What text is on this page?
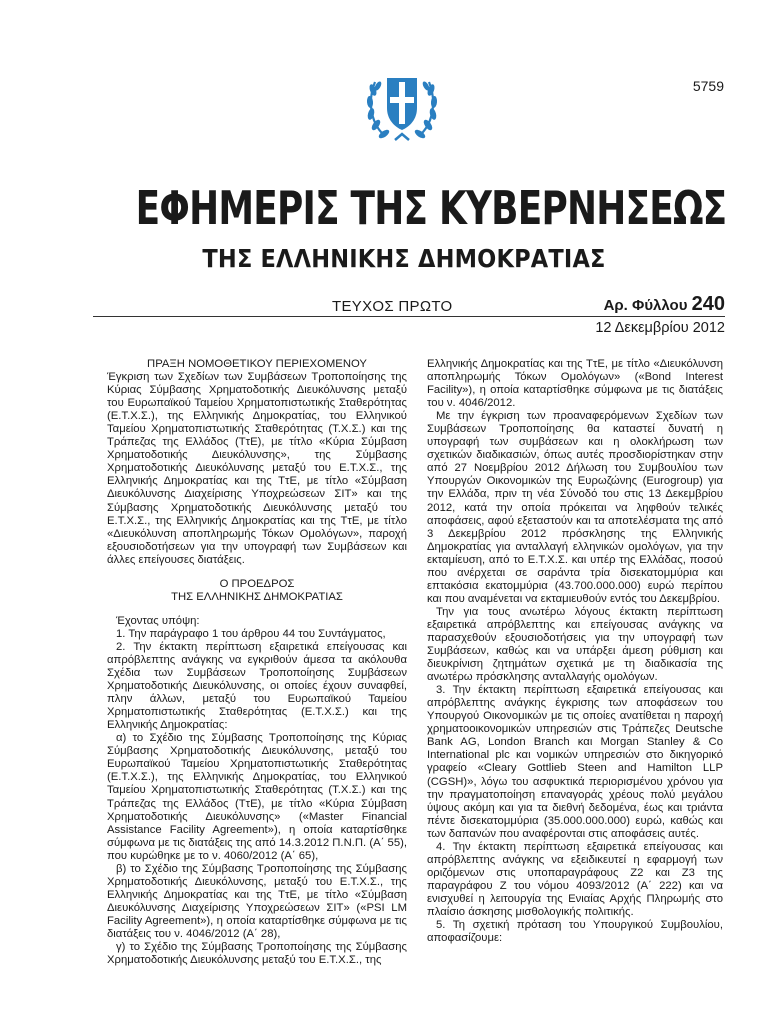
5759
ΕΦΗΜΕΡΙΣ ΤΗΣ ΚΥΒΕΡΝΗΣΕΩΣ
ΤΗΣ ΕΛΛΗΝΙΚΗΣ ΔΗΜΟΚΡΑΤΙΑΣ
ΤΕΥΧΟΣ ΠΡΩΤΟ	Αρ. Φύλλου 240
12 Δεκεμβρίου 2012

ΠΡΑΞΗ ΝΟΜΟΘΕΤΙΚΟΥ ΠΕΡΙΕΧΟΜΕΝΟΥ

Έγκριση των Σχεδίων των Συμβάσεων Τροποποίησης της Κύριας Σύμβασης Χρηματοδοτικής Διευκόλυνσης μεταξύ του Ευρωπαϊκού Ταμείου Χρηματοπιστωτικής Σταθερότητας (Ε.Τ.Χ.Σ.), της Ελληνικής Δημοκρατίας, του Ελληνικού Ταμείου Χρηματοπιστωτικής Σταθερότητας (Τ.Χ.Σ.) και της Τράπεζας της Ελλάδος (ΤτΕ), με τίτλο «Κύρια Σύμβαση Χρηματοδοτικής Διευκόλυνσης», της Σύμβασης Χρηματοδοτικής Διευκόλυνσης μεταξύ του Ε.Τ.Χ.Σ., της Ελληνικής Δημοκρατίας και της ΤτΕ, με τίτλο «Σύμβαση Διευκόλυνσης Διαχείρισης Υποχρεώσεων ΣΙΤ» και της Σύμβασης Χρηματοδοτικής Διευκόλυνσης μεταξύ του Ε.Τ.Χ.Σ., της Ελληνικής Δημοκρατίας και της ΤτΕ, με τίτλο «Διευκόλυνση αποπληρωμής Τόκων Ομολόγων», παροχή εξουσιοδοτήσεων για την υπογραφή των Συμβάσεων και άλλες επείγουσες διατάξεις.

Ο ΠΡΟΕΔΡΟΣ

ΤΗΣ ΕΛΛΗΝΙΚΗΣ ΔΗΜΟΚΡΑΤΙΑΣ

Έχοντας υπόψη:

1. Την παράγραφο 1 του άρθρου 44 του Συντάγματος,

2. Την έκτακτη περίπτωση εξαιρετικά επείγουσας και απρόβλεπτης ανάγκης να εγκριθούν άμεσα τα ακόλουθα Σχέδια των Συμβάσεων Τροποποίησης Συμβάσεων Χρηματοδοτικής Διευκόλυνσης, οι οποίες έχουν συναφθεί, πλην άλλων, μεταξύ του Ευρωπαϊκού Ταμείου Χρηματοπιστωτικής Σταθερότητας (Ε.Τ.Χ.Σ.) και της Ελληνικής Δημοκρατίας:

α) το Σχέδιο της Σύμβασης Τροποποίησης της Κύριας Σύμβασης Χρηματοδοτικής Διευκόλυνσης, μεταξύ του Ευρωπαϊκού Ταμείου Χρηματοπιστωτικής Σταθερότητας (Ε.Τ.Χ.Σ.), της Ελληνικής Δημοκρατίας, του Ελληνικού Ταμείου Χρηματοπιστωτικής Σταθερότητας (Τ.Χ.Σ.) και της Τράπεζας της Ελλάδος (ΤτΕ), με τίτλο «Κύρια Σύμβαση Χρηματοδοτικής Διευκόλυνσης» («Master Financial Assistance Facility Agreement»), η οποία καταρτίσθηκε σύμφωνα με τις διατάξεις της από 14.3.2012 Π.Ν.Π. (Α΄ 55), που κυρώθηκε με το ν. 4060/2012 (Α΄ 65),

β) το Σχέδιο της Σύμβασης Τροποποίησης της Σύμβασης Χρηματοδοτικής Διευκόλυνσης, μεταξύ του Ε.Τ.Χ.Σ., της Ελληνικής Δημοκρατίας και της ΤτΕ, με τίτλο «Σύμβαση Διευκόλυνσης Διαχείρισης Υποχρεώσεων ΣΙΤ» («PSI LM Facility Agreement»), η οποία καταρτίσθηκε σύμφωνα με τις διατάξεις του ν. 4046/2012 (Α΄ 28),

γ) το Σχέδιο της Σύμβασης Τροποποίησης της Σύμβασης Χρηματοδοτικής Διευκόλυνσης μεταξύ του Ε.Τ.Χ.Σ., της

Ελληνικής Δημοκρατίας και της ΤτΕ, με τίτλο «Διευκόλυνση αποπληρωμής Τόκων Ομολόγων» («Bond Interest Facility»), η οποία καταρτίσθηκε σύμφωνα με τις διατάξεις του ν. 4046/2012.

Με την έγκριση των προαναφερόμενων Σχεδίων των Συμβάσεων Τροποποίησης θα καταστεί δυνατή η υπογραφή των συμβάσεων και η ολοκλήρωση των σχετικών διαδικασιών, όπως αυτές προσδιορίστηκαν στην από 27 Νοεμβρίου 2012 Δήλωση του Συμβουλίου των Υπουργών Οικονομικών της Ευρωζώνης (Eurogroup) για την Ελλάδα, πριν τη νέα Σύνοδό του στις 13 Δεκεμβρίου 2012, κατά την οποία πρόκειται να ληφθούν τελικές αποφάσεις, αφού εξεταστούν και τα αποτελέσματα της από 3 Δεκεμβρίου 2012 πρόσκλησης της Ελληνικής Δημοκρατίας για ανταλλαγή ελληνικών ομολόγων, για την εκταμίευση, από το Ε.Τ.Χ.Σ. και υπέρ της Ελλάδας, ποσού που ανέρχεται σε σαράντα τρία δισεκατομμύρια και επτακόσια εκατομμύρια (43.700.000.000) ευρώ περίπου και που αναμένεται να εκταμιευθούν εντός του Δεκεμβρίου.

Την για τους ανωτέρω λόγους έκτακτη περίπτωση εξαιρετικά απρόβλεπτης και επείγουσας ανάγκης να παρασχεθούν εξουσιοδοτήσεις για την υπογραφή των Συμβάσεων, καθώς και να υπάρξει άμεση ρύθμιση και διευκρίνιση ζητημάτων σχετικά με τη διαδικασία της ανωτέρω πρόσκλησης ανταλλαγής ομολόγων.

3. Την έκτακτη περίπτωση εξαιρετικά επείγουσας και απρόβλεπτης ανάγκης έγκρισης των αποφάσεων του Υπουργού Οικονομικών με τις οποίες ανατίθεται η παροχή χρηματοοικονομικών υπηρεσιών στις Τράπεζες Deutsche Bank AG, London Branch και Morgan Stanley & Co International plc και νομικών υπηρεσιών στο δικηγορικό γραφείο «Cleary Gottlieb Steen and Hamilton LLP (CGSH)», λόγω του ασφυκτικά περιορισμένου χρόνου για την πραγματοποίηση επαναγοράς χρέους πολύ μεγάλου ύψους ακόμη και για τα διεθνή δεδομένα, έως και τριάντα πέντε δισεκατομμύρια (35.000.000.000) ευρώ, καθώς και των δαπανών που αναφέρονται στις αποφάσεις αυτές.

4. Την έκτακτη περίπτωση εξαιρετικά επείγουσας και απρόβλεπτης ανάγκης να εξειδικευτεί η εφαρμογή των οριζόμενων στις υποπαραγράφους Ζ2 και Ζ3 της παραγράφου Ζ του νόμου 4093/2012 (Α΄ 222) και να ενισχυθεί η λειτουργία της Ενιαίας Αρχής Πληρωμής στο πλαίσιο άσκησης μισθολογικής πολιτικής.

5. Τη σχετική πρόταση του Υπουργικού Συμβουλίου, αποφασίζουμε:
